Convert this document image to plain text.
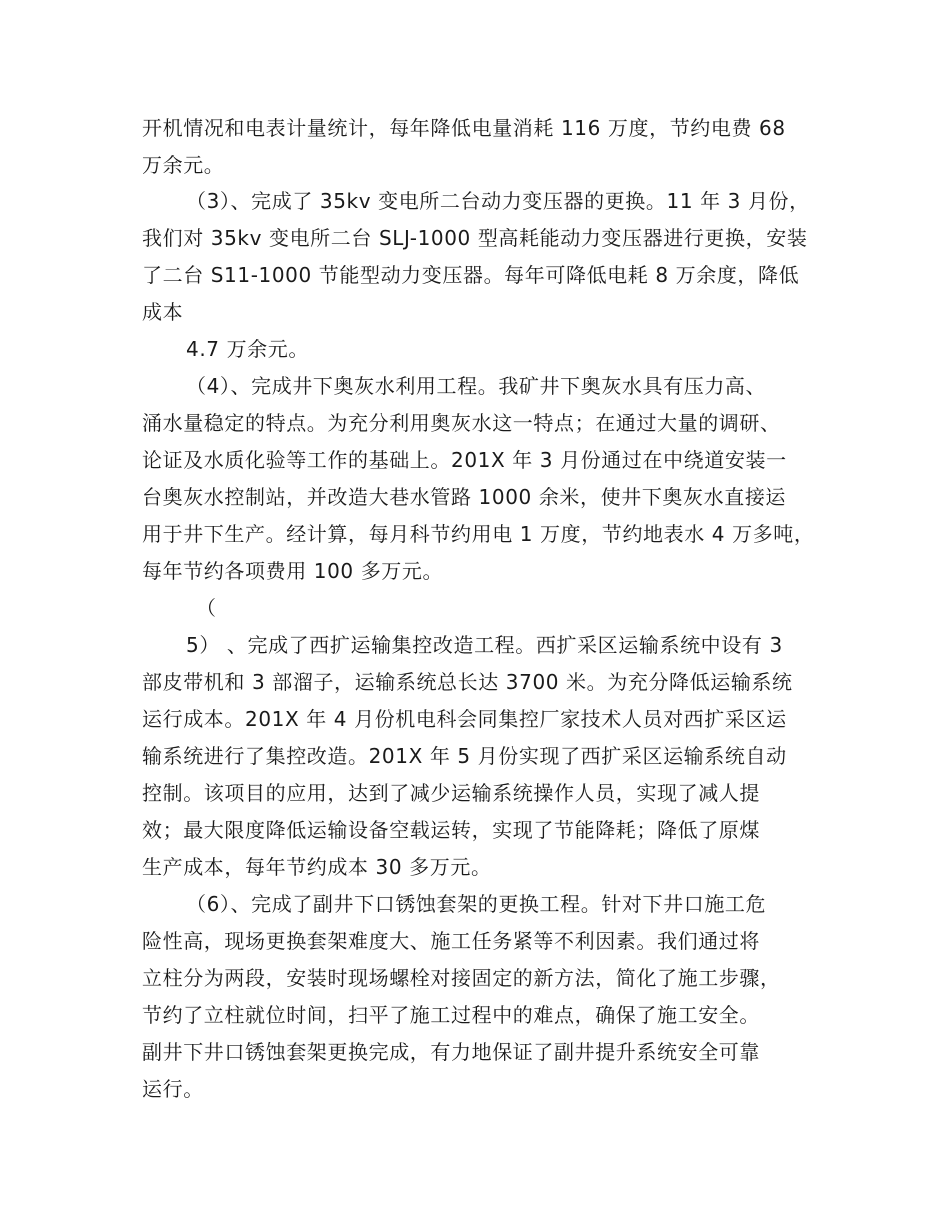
开机情况和电表计量统计，每年降低电量消耗 116 万度，节约电费 68
万余元。
（3）、完成了 35kv 变电所二台动力变压器的更换。11 年 3 月份，
我们对 35kv 变电所二台 SLJ-1000 型高耗能动力变压器进行更换，安装
了二台 S11-1000 节能型动力变压器。每年可降低电耗 8 万余度，降低
成本
4.7 万余元。
（4）、完成井下奥灰水利用工程。我矿井下奥灰水具有压力高、
涌水量稳定的特点。为充分利用奥灰水这一特点；在通过大量的调研、
论证及水质化验等工作的基础上。201X 年 3 月份通过在中绕道安装一
台奥灰水控制站，并改造大巷水管路 1000 余米，使井下奥灰水直接运
用于井下生产。经计算，每月科节约用电 1 万度，节约地表水 4 万多吨，
每年节约各项费用 100 多万元。
（
5） 、完成了西扩运输集控改造工程。西扩采区运输系统中设有 3
部皮带机和 3 部溜子，运输系统总长达 3700 米。为充分降低运输系统
运行成本。201X 年 4 月份机电科会同集控厂家技术人员对西扩采区运
输系统进行了集控改造。201X 年 5 月份实现了西扩采区运输系统自动
控制。该项目的应用，达到了减少运输系统操作人员，实现了减人提
效；最大限度降低运输设备空载运转，实现了节能降耗；降低了原煤
生产成本，每年节约成本 30 多万元。
（6）、完成了副井下口锈蚀套架的更换工程。针对下井口施工危
险性高，现场更换套架难度大、施工任务紧等不利因素。我们通过将
立柱分为两段，安装时现场螺栓对接固定的新方法，简化了施工步骤，
节约了立柱就位时间，扫平了施工过程中的难点，确保了施工安全。
副井下井口锈蚀套架更换完成，有力地保证了副井提升系统安全可靠
运行。
